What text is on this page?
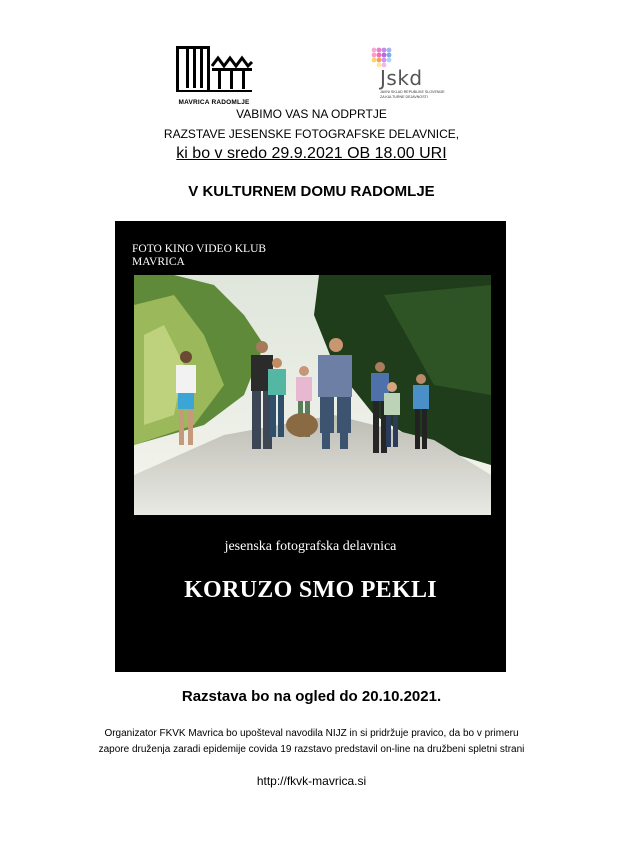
MAVRICA RADOMLJE
Jskd
JAVNI SKLAD REPUBLIKE SLOVENIJE ZA KULTURNE DEJAVNOSTI
VABIMO VAS NA ODPRTJE
RAZSTAVE JESENSKE FOTOGRAFSKE DELAVNICE,
ki bo v sredo 29.9.2021 OB 18.00 URI
V KULTURNEM DOMU RADOMLJE
FOTO KINO VIDEO KLUB
MAVRICA
jesenska fotografska delavnica
KORUZO SMO PEKLI
Razstava bo na ogled do 20.10.2021.
Organizator FKVK Mavrica bo upošteval navodila NIJZ in si pridržuje pravico, da bo v primeru
zapore druženja zaradi epidemije covida 19 razstavo predstavil on-line na družbeni spletni strani
http://fkvk-mavrica.si
